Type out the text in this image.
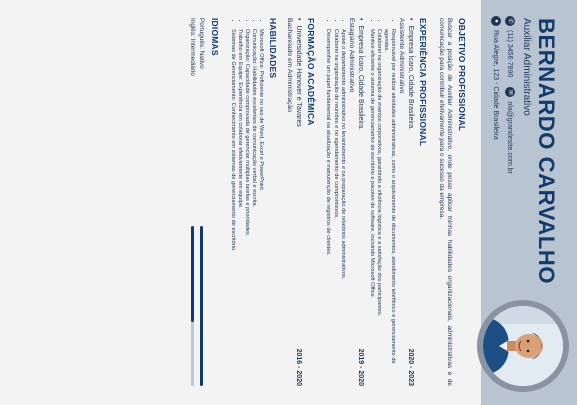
BERNARDO CARVALHO
Auxiliar Administrativo
✆
(11) 3456-7890
✉
ola@grandesite.com.br
●
Rua Alegre, 123 - Cidade Brasileira
OBJETIVO PROFISSIONAL
Buscar a posição de Auxiliar Administrativo, onde posso aplicar minhas habilidades organizacionais, administrativas e de comunicação para contribuir efetivamente para o sucesso da empresa.
EXPERIÊNCIA PROFISSIONAL
• Empresa Ícaro, Cidade Brasileira.
2020 - 2023
Assistente Administrativo
• Responsável por realizar atividades administrativas, como o arquivamento de documentos, atendimento telefônico e gerenciamento de agendas.
• Colaborei na organização de eventos corporativos, garantindo a eficiência logística e a satisfação dos participantes.
• Mantive eficiente o sistema de gerenciamento de escritório e pacotes de software, incluindo Microsoft Office.
• Empresa Ícaro, Cidade Brasileira.
2019 - 2020
Estagiário Administrativo
• Apoiei o departamento administrativo no levantamento e na preparação de relatórios administrativos.
• Colaborei na organização de reuniões e no agendamento de compromissos.
• Desempenhei um papel fundamental na atualização e manutenção de registros de clientes.
FORMAÇÃO ACADÊMICA
• Universidade Hanover e Tavares
2016 - 2020
Bacharelado em Administração
HABILIDADES
• Microsoft Office: Proficiente no uso de Word, Excel e PowerPoint.
• Comunicação: Habilidades excelentes de comunicação verbal e escrita.
• Organização: Capacidade comprovada de gerenciar múltiplas tarefas e prioridades.
• Trabalho em Equipe: Experiência em colaborar efetivamente em equipe.
• Sistemas de Gerenciamento: Conhecimento em sistemas de gerenciamento de escritório.
IDIOMAS
Português: Nativo
Inglês: Intermediário
